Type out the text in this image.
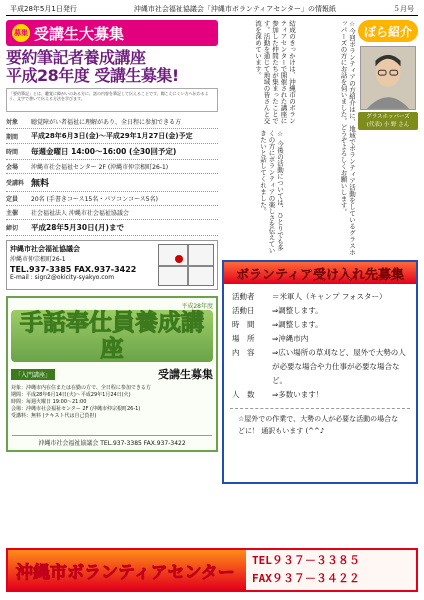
平成28年5月1日発行	沖縄市社会福祉協議会「沖縄市ボランティアセンター」の情報紙	５月号
募集 受講生大募集
要約筆記者養成講座
平成28年度 受講生募集!
「要約筆記」とは、聴覚に障がいのある方に、話の内容を筆記して伝えることです。聞こえにくい方へ伝わるよう、文字で書いて伝える方法を学びます。
対象	聴覚障がい者福祉に理解があり、全日程に参加できる方
期間	平成28年6月3日(金)〜平成29年1月27日(金)予定
時間	毎週金曜日 14:00〜16:00 (全30回予定)
会場	沖縄市社会福祉センター 2F (沖縄市仲宗根町26-1)
受講料 無料
定員	20名 (手書きコース15名・パソコンコース5名)
主催	社会福祉法人 沖縄市社会福祉協議会
締切	平成28年5月30日(月)まで
沖縄市社会福祉協議会
沖縄市仲宗根町26-1
TEL.937-3385 FAX.937-3422
E-mail : sign2@okicity-syakyo.com
平成28年度
手話奉仕員養成講座
「入門講座」	受講生募集
対象：沖縄市内在住または在勤の方で、全日程に参加できる方
期間：平成28年6月14日(火)〜平成29年1月24日(火)
時間：毎週火曜日 19:00〜21:00
会場：沖縄市社会福祉センター 2F (沖縄市仲宗根町26-1)
受講料：無料 (テキスト代は自己負担)
沖縄市社会福祉協議会 TEL.937-3385 FAX.937-3422
☆今回ボランティアの方紹介はに、地域でボランティア活動をしているグラスホッパーズの方にお話を伺いました。どうぞよろしくお願いします。
結成のきっかけは、沖縄市のボランティアセンターで開催された講座に参加した仲間たちが集まったことです。活動を通じて地域の皆さんと交流を深めています。
☆ 今後の活動については、ひとりでも多くの方にボランティアの楽しさを伝えていきたいと話してくれました。
ぼら紹介
グラスホッパーズ
(代表) 小 野 さん
ボランティア受け入れ先募集
活動者	＝米軍人（キャンプ フォスター）
活動日	⇒調整します。
時　間	⇒調整します。
場　所	⇒沖縄市内
内　容	⇒広い場所の草刈など、屋外で大勢の人が必要な場合や力仕事が必要な場合など。
人　数	⇒多数います！
☆屋外での作業で、大勢の人が必要な活動の場合などに！ 通訳もいます (^^♪
沖縄市ボランティアセンター
TEL９３７－３３８５
FAX９３７－３４２２
